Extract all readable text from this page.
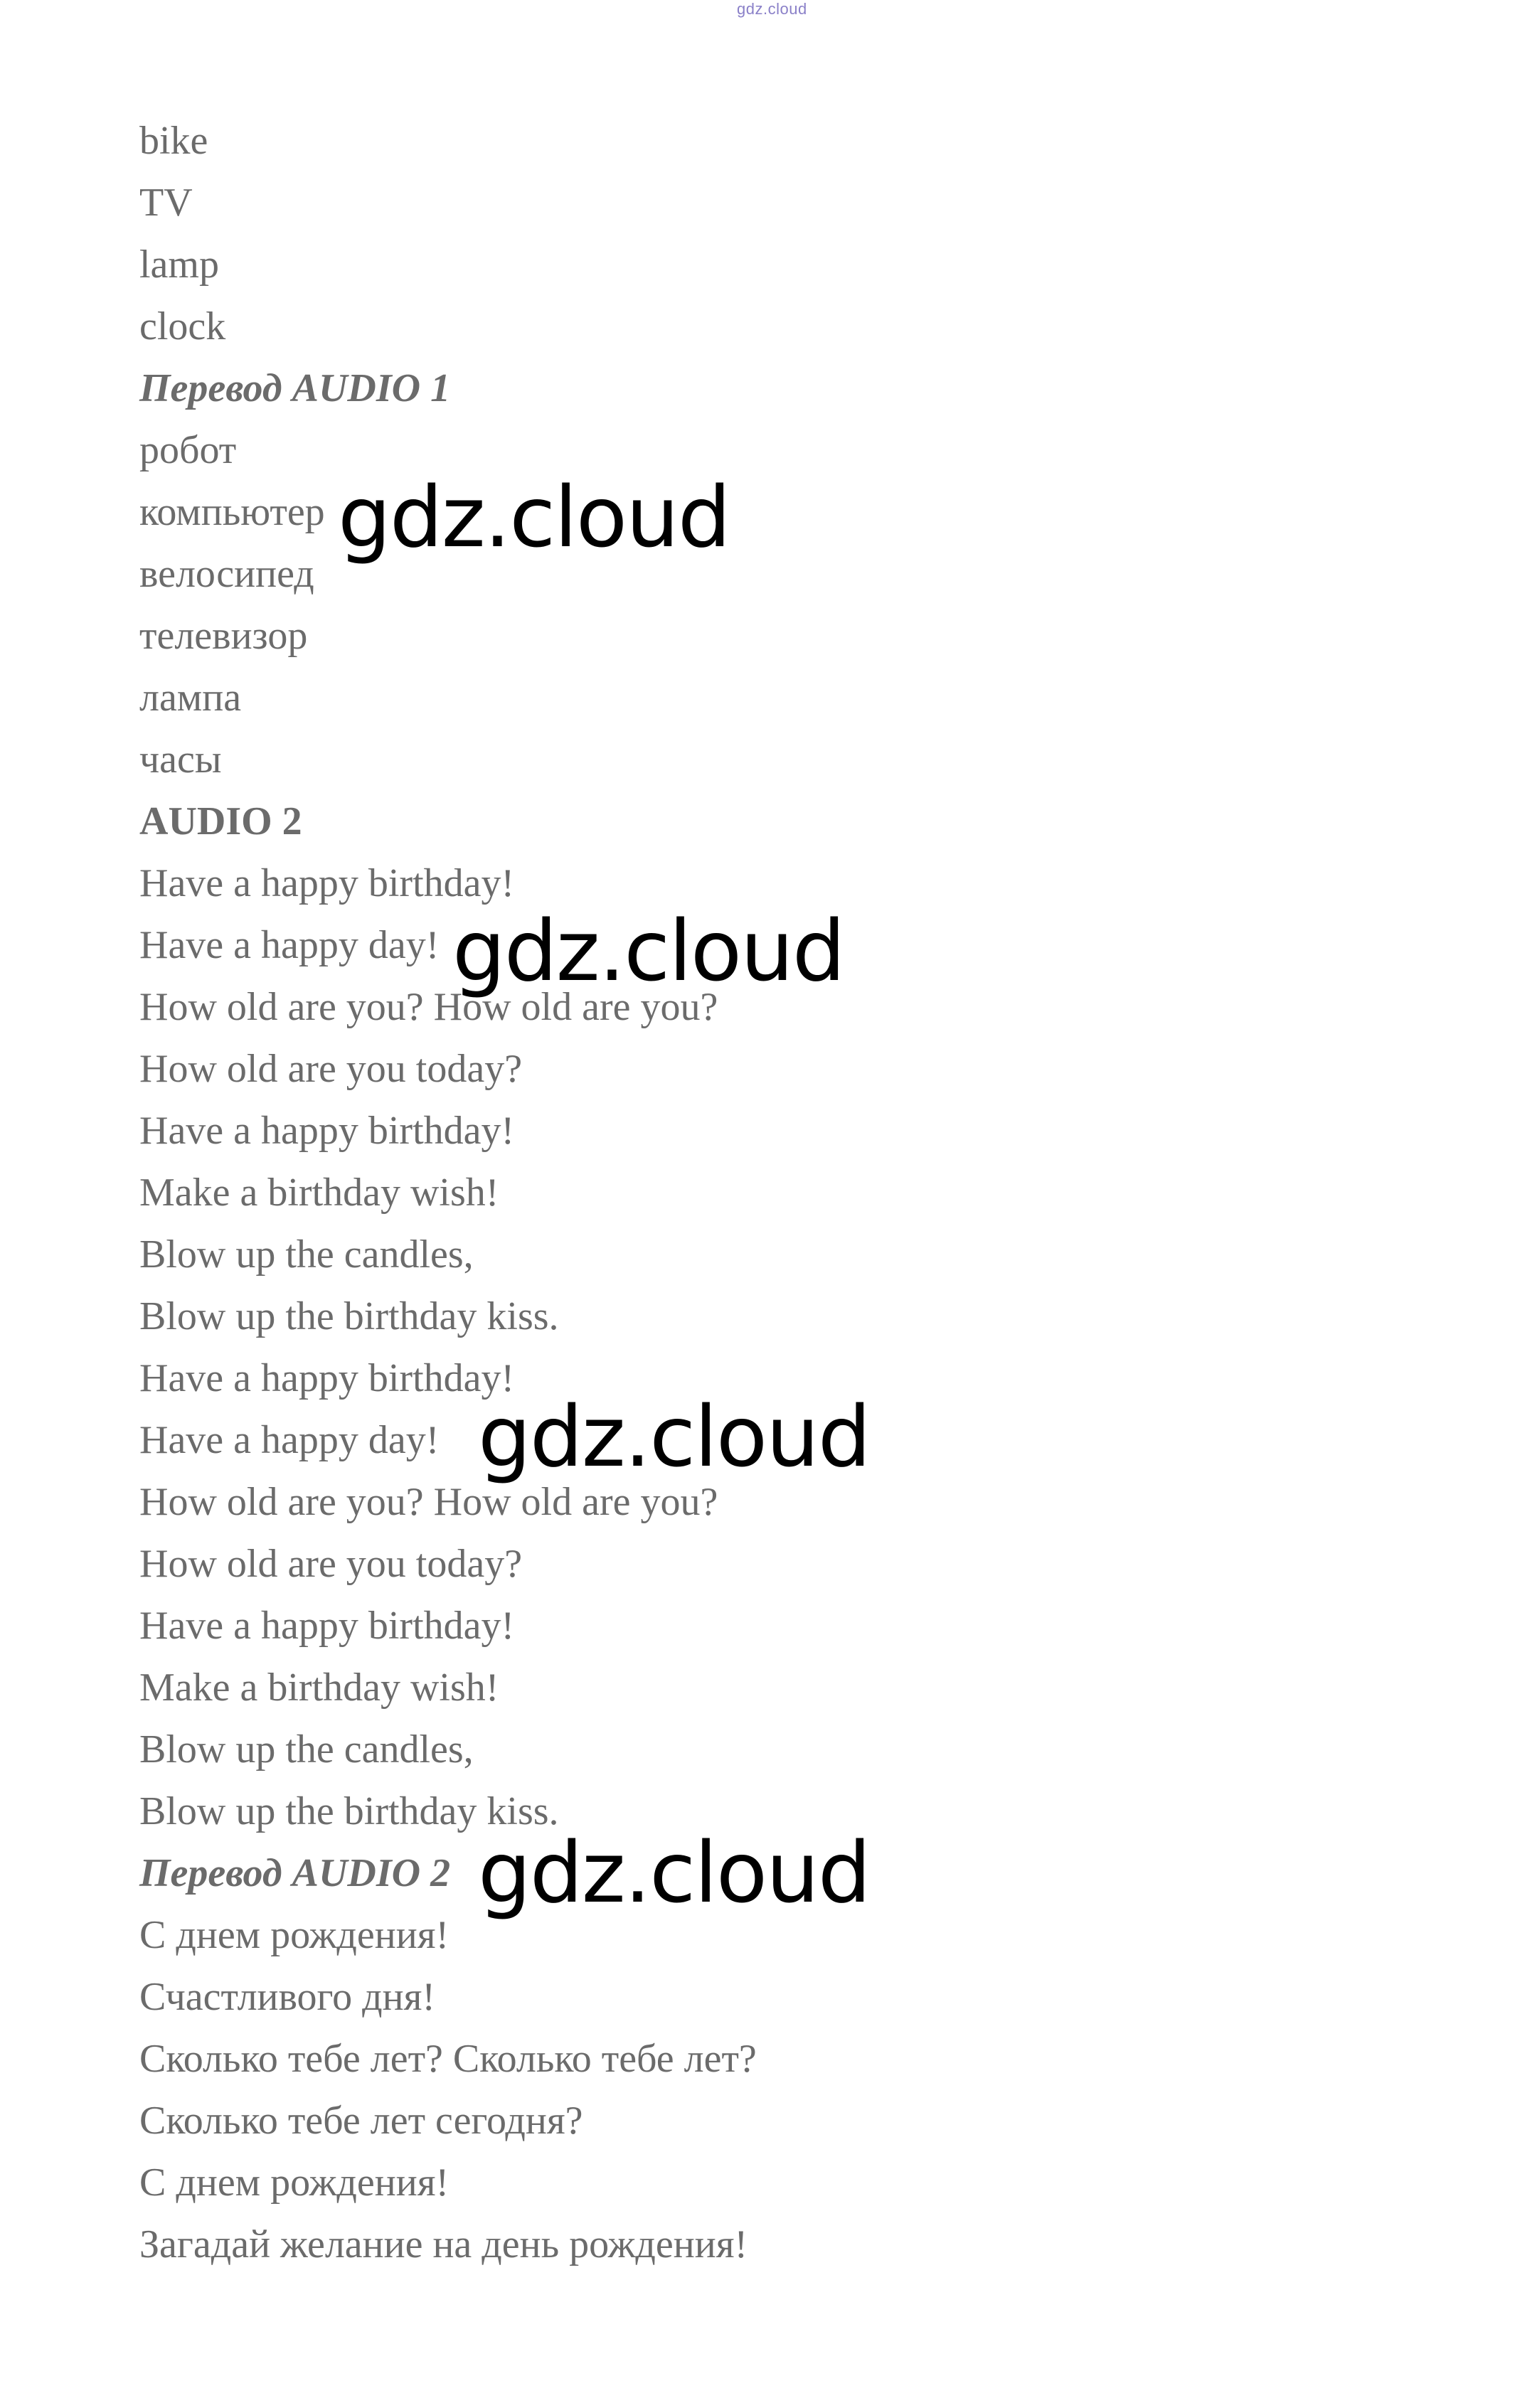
gdz.cloud
bike
TV
lamp
clock
Перевод AUDIO 1
робот
компьютер
велосипед
телевизор
лампа
часы
AUDIO 2
Have a happy birthday!
Have a happy day!
How old are you? How old are you?
How old are you today?
Have a happy birthday!
Make a birthday wish!
Blow up the candles,
Blow up the birthday kiss.
Have a happy birthday!
Have a happy day!
How old are you? How old are you?
How old are you today?
Have a happy birthday!
Make a birthday wish!
Blow up the candles,
Blow up the birthday kiss.
Перевод AUDIO 2
С днем рождения!
Счастливого дня!
Сколько тебе лет? Сколько тебе лет?
Сколько тебе лет сегодня?
С днем рождения!
Загадай желание на день рождения!
gdz.cloud
gdz.cloud
gdz.cloud
gdz.cloud
